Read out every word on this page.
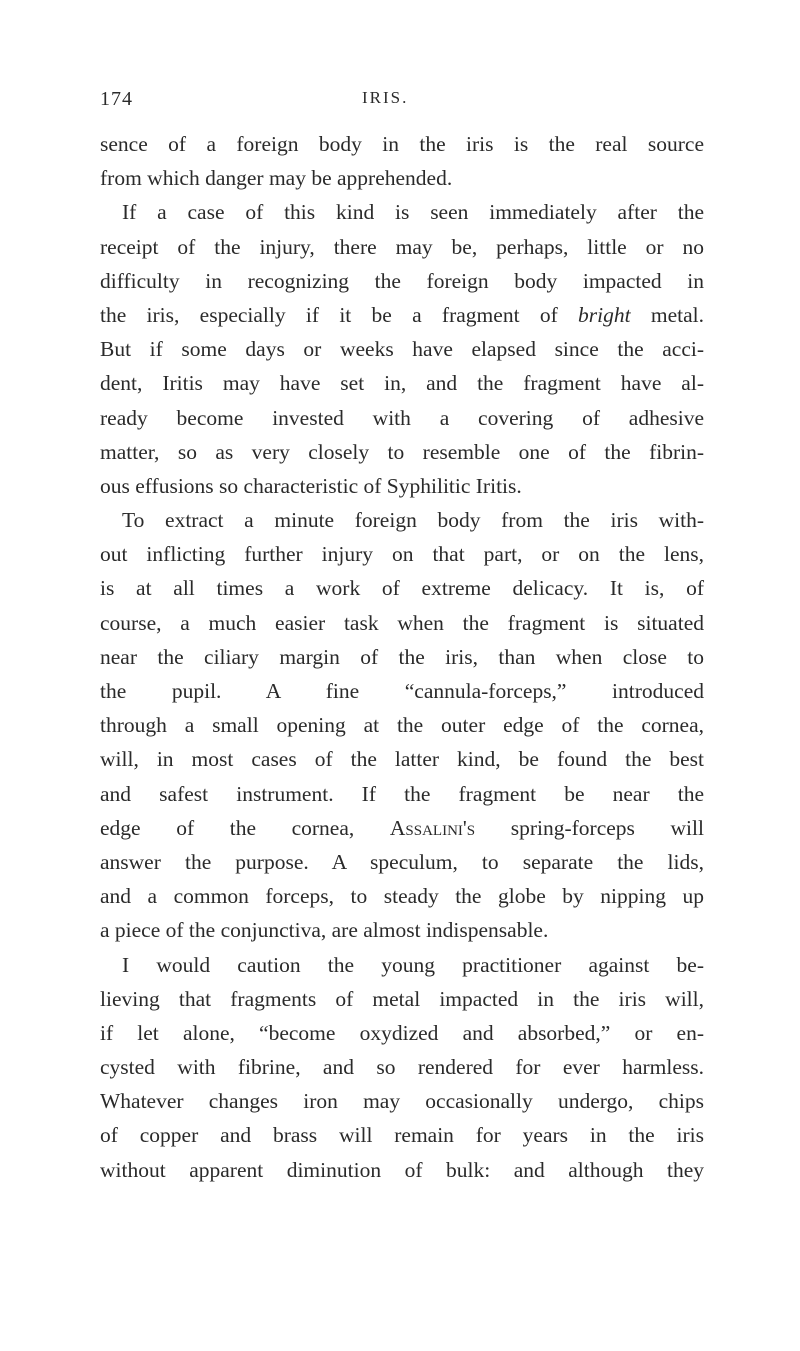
174	IRIS.
sence of a foreign body in the iris is the real source
from which danger may be apprehended.
If a case of this kind is seen immediately after the
receipt of the injury, there may be, perhaps, little or no
difficulty in recognizing the foreign body impacted in
the iris, especially if it be a fragment of bright metal.
But if some days or weeks have elapsed since the acci-
dent, Iritis may have set in, and the fragment have al-
ready become invested with a covering of adhesive
matter, so as very closely to resemble one of the fibrin-
ous effusions so characteristic of Syphilitic Iritis.
To extract a minute foreign body from the iris with-
out inflicting further injury on that part, or on the lens,
is at all times a work of extreme delicacy. It is, of
course, a much easier task when the fragment is situated
near the ciliary margin of the iris, than when close to
the pupil. A fine “cannula-forceps,” introduced
through a small opening at the outer edge of the cornea,
will, in most cases of the latter kind, be found the best
and safest instrument. If the fragment be near the
edge of the cornea, Assalini's spring-forceps will
answer the purpose. A speculum, to separate the lids,
and a common forceps, to steady the globe by nipping up
a piece of the conjunctiva, are almost indispensable.
I would caution the young practitioner against be-
lieving that fragments of metal impacted in the iris will,
if let alone, “become oxydized and absorbed,” or en-
cysted with fibrine, and so rendered for ever harmless.
Whatever changes iron may occasionally undergo, chips
of copper and brass will remain for years in the iris
without apparent diminution of bulk: and although they
